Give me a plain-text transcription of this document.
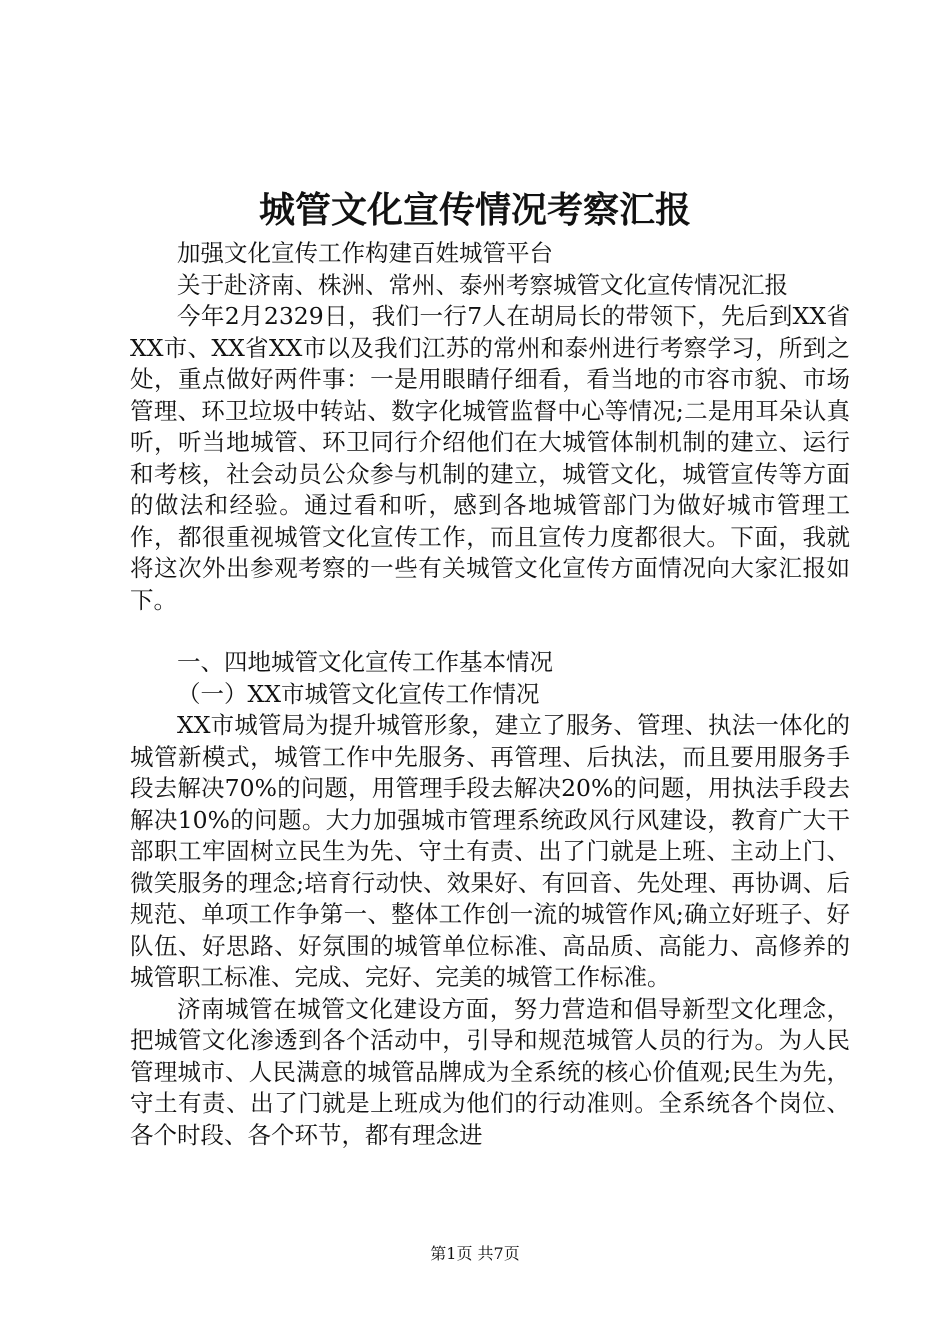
城管文化宣传情况考察汇报

加强文化宣传工作构建百姓城管平台

关于赴济南、株洲、常州、泰州考察城管文化宣传情况汇报

今年2月2329日，我们一行7人在胡局长的带领下，先后到XX省XX市、XX省XX市以及我们江苏的常州和泰州进行考察学习，所到之处，重点做好两件事：一是用眼睛仔细看，看当地的市容市貌、市场管理、环卫垃圾中转站、数字化城管监督中心等情况;二是用耳朵认真听，听当地城管、环卫同行介绍他们在大城管体制机制的建立、运行和考核，社会动员公众参与机制的建立，城管文化，城管宣传等方面的做法和经验。通过看和听，感到各地城管部门为做好城市管理工作，都很重视城管文化宣传工作，而且宣传力度都很大。下面，我就将这次外出参观考察的一些有关城管文化宣传方面情况向大家汇报如下。

一、四地城管文化宣传工作基本情况

（一）XX市城管文化宣传工作情况

XX市城管局为提升城管形象，建立了服务、管理、执法一体化的城管新模式，城管工作中先服务、再管理、后执法，而且要用服务手段去解决70%的问题，用管理手段去解决20%的问题，用执法手段去解决10%的问题。大力加强城市管理系统政风行风建设，教育广大干部职工牢固树立民生为先、守土有责、出了门就是上班、主动上门、微笑服务的理念;培育行动快、效果好、有回音、先处理、再协调、后规范、单项工作争第一、整体工作创一流的城管作风;确立好班子、好队伍、好思路、好氛围的城管单位标准、高品质、高能力、高修养的城管职工标准、完成、完好、完美的城管工作标准。

济南城管在城管文化建设方面，努力营造和倡导新型文化理念，把城管文化渗透到各个活动中，引导和规范城管人员的行为。为人民管理城市、人民满意的城管品牌成为全系统的核心价值观;民生为先，守土有责、出了门就是上班成为他们的行动准则。全系统各个岗位、各个时段、各个环节，都有理念进

第1页 共7页
